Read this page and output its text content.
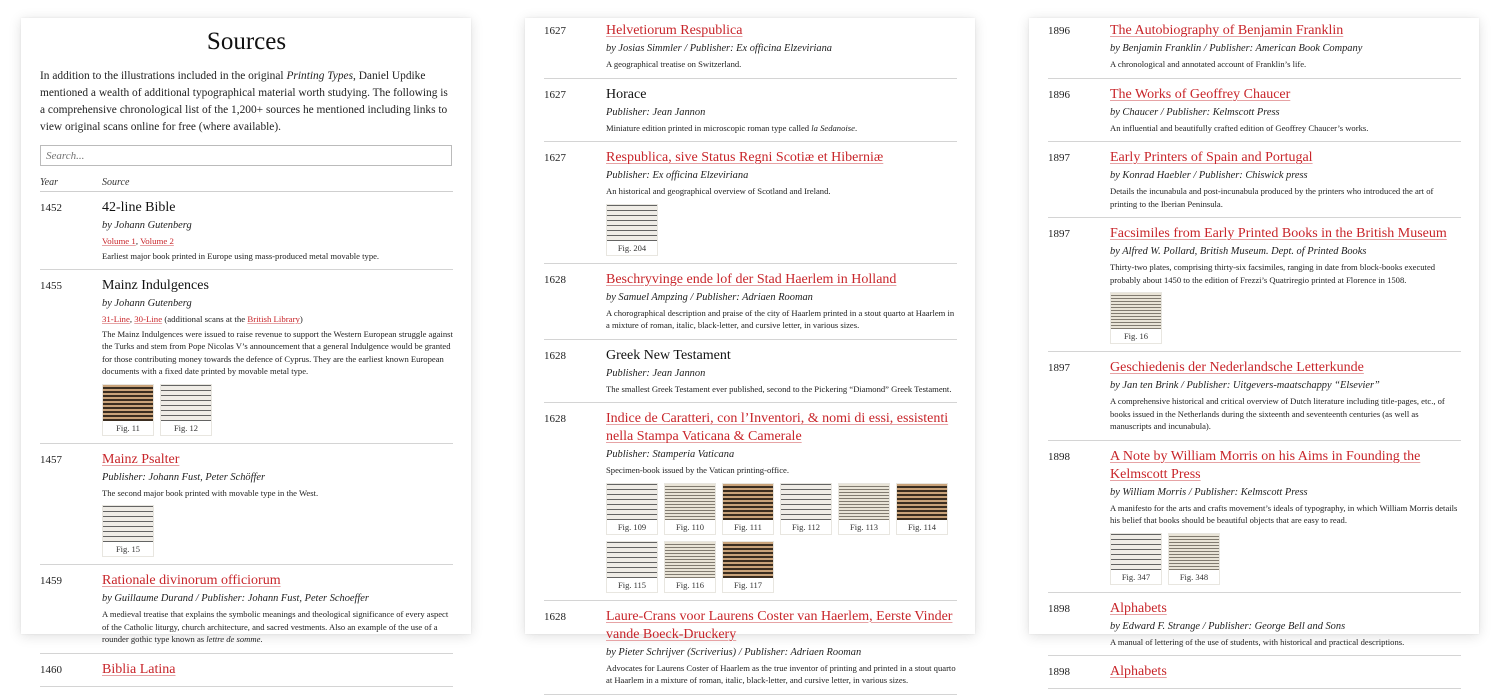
Sources

In addition to the illustrations included in the original Printing Types, Daniel Updike mentioned a wealth of additional typographical material worth studying. The following is a comprehensive chronological list of the 1,200+ sources he mentioned including links to view original scans online for free (where available).

Search...
Year	Source
1452	42-line Bible
by Johann Gutenberg
Volume 1, Volume 2
Earliest major book printed in Europe using mass-produced metal movable type.
1455	Mainz Indulgences
by Johann Gutenberg
31-Line, 30-Line (additional scans at the British Library)
The Mainz Indulgences were issued to raise revenue to support the Western European struggle against the Turks and stem from Pope Nicolas V’s announcement that a general Indulgence would be granted for those contributing money towards the defence of Cyprus. They are the earliest known European documents with a fixed date printed by movable metal type.
Fig. 11	Fig. 12
1457	Mainz Psalter
Publisher: Johann Fust, Peter Schöffer
The second major book printed with movable type in the West.
Fig. 15
1459	Rationale divinorum officiorum
by Guillaume Durand / Publisher: Johann Fust, Peter Schoeffer
A medieval treatise that explains the symbolic meanings and theological significance of every aspect of the Catholic liturgy, church architecture, and sacred vestments. Also an example of the use of a rounder gothic type known as lettre de somme.
1460	Biblia Latina
1627	Helvetiorum Respublica
by Josias Simmler / Publisher: Ex officina Elzeviriana
A geographical treatise on Switzerland.
1627	Horace
Publisher: Jean Jannon
Miniature edition printed in microscopic roman type called la Sedanoise.
1627	Respublica, sive Status Regni Scotiæ et Hiberniæ
Publisher: Ex officina Elzeviriana
An historical and geographical overview of Scotland and Ireland.
Fig. 204
1628	Beschryvinge ende lof der Stad Haerlem in Holland
by Samuel Ampzing / Publisher: Adriaen Rooman
A chorographical description and praise of the city of Haarlem printed in a stout quarto at Haarlem in a mixture of roman, italic, black-letter, and cursive letter, in various sizes.
1628	Greek New Testament
Publisher: Jean Jannon
The smallest Greek Testament ever published, second to the Pickering “Diamond” Greek Testament.
1628	Indice de Caratteri, con l’Inventori, & nomi di essi, essistenti nella Stampa Vaticana & Camerale
Publisher: Stamperia Vaticana
Specimen-book issued by the Vatican printing-office.
Fig. 109	Fig. 110	Fig. 111	Fig. 112	Fig. 113	Fig. 114
Fig. 115	Fig. 116	Fig. 117
1628	Laure-Crans voor Laurens Coster van Haerlem, Eerste Vinder vande Boeck-Druckery
by Pieter Schrijver (Scriverius) / Publisher: Adriaen Rooman
Advocates for Laurens Coster of Haarlem as the true inventor of printing and printed in a stout quarto at Haarlem in a mixture of roman, italic, black-letter, and cursive letter, in various sizes.
1896	The Autobiography of Benjamin Franklin
by Benjamin Franklin / Publisher: American Book Company
A chronological and annotated account of Franklin’s life.
1896	The Works of Geoffrey Chaucer
by Chaucer / Publisher: Kelmscott Press
An influential and beautifully crafted edition of Geoffrey Chaucer’s works.
1897	Early Printers of Spain and Portugal
by Konrad Haebler / Publisher: Chiswick press
Details the incunabula and post-incunabula produced by the printers who introduced the art of printing to the Iberian Peninsula.
1897	Facsimiles from Early Printed Books in the British Museum
by Alfred W. Pollard, British Museum. Dept. of Printed Books
Thirty-two plates, comprising thirty-six facsimiles, ranging in date from block-books executed probably about 1450 to the edition of Frezzi’s Quatriregio printed at Florence in 1508.
Fig. 16
1897	Geschiedenis der Nederlandsche Letterkunde
by Jan ten Brink / Publisher: Uitgevers-maatschappy “Elsevier”
A comprehensive historical and critical overview of Dutch literature including title-pages, etc., of books issued in the Netherlands during the sixteenth and seventeenth centuries (as well as manuscripts and incunabula).
1898	A Note by William Morris on his Aims in Founding the Kelmscott Press
by William Morris / Publisher: Kelmscott Press
A manifesto for the arts and crafts movement’s ideals of typography, in which William Morris details his belief that books should be beautiful objects that are easy to read.
Fig. 347	Fig. 348
1898	Alphabets
by Edward F. Strange / Publisher: George Bell and Sons
A manual of lettering of the use of students, with historical and practical descriptions.
1898	Alphabets
